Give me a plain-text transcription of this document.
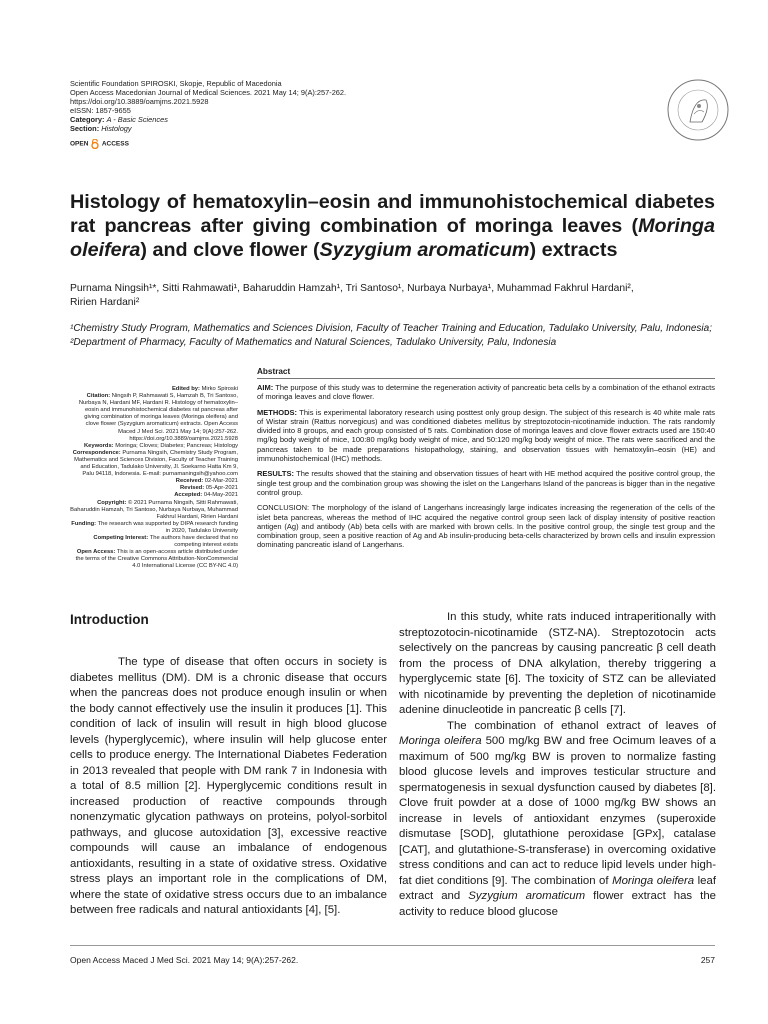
Scientific Foundation SPIROSKI, Skopje, Republic of Macedonia
Open Access Macedonian Journal of Medical Sciences. 2021 May 14; 9(A):257-262.
https://doi.org/10.3889/oamjms.2021.5928
eISSN: 1857-9655
Category: A - Basic Sciences
Section: Histology
OPEN ACCESS
Histology of hematoxylin–eosin and immunohistochemical diabetes rat pancreas after giving combination of moringa leaves (Moringa oleifera) and clove flower (Syzygium aromaticum) extracts
Purnama Ningsih¹*, Sitti Rahmawati¹, Baharuddin Hamzah¹, Tri Santoso¹, Nurbaya Nurbaya¹, Muhammad Fakhrul Hardani²,
Ririen Hardani²
¹Chemistry Study Program, Mathematics and Sciences Division, Faculty of Teacher Training and Education, Tadulako University, Palu, Indonesia; ²Department of Pharmacy, Faculty of Mathematics and Natural Sciences, Tadulako University, Palu, Indonesia
Abstract
Edited by: Mirko Spiroski
Citation: Ningsih P, Rahmawati S, Hamzah B, Tri Santoso, Nurbaya N, Hardani MF, Hardani R. Histology of hematoxylin–eosin and immunohistochemical diabetes rat pancreas after giving combination of moringa leaves (Moringa oleifera) and clove flower (Syzygium aromaticum) extracts. Open Access Maced J Med Sci. 2021 May 14; 9(A):257-262. https://doi.org/10.3889/oamjms.2021.5928
Keywords: Moringa; Cloves; Diabetes; Pancreas; Histology
Correspondence: Purnama Ningsih, Chemistry Study Program, Mathematics and Sciences Division, Faculty of Teacher Training and Education, Tadulako University, Jl. Soekarno Hatta Km 9, Palu 94118, Indonesia. E-mail: purnamaningsih@yahoo.com
Received: 02-Mar-2021
Revised: 05-Apr-2021
Accepted: 04-May-2021
Copyright: © 2021 Purnama Ningsih, Sitti Rahmawati, Baharuddin Hamzah, Tri Santoso, Nurbaya Nurbaya, Muhammad Fakhrul Hardani, Ririen Hardani
Funding: The research was supported by DIPA research funding in 2020, Tadulako University
Competing Interest: The authors have declared that no competing interest exists
Open Access: This is an open-access article distributed under the terms of the Creative Commons Attribution-NonCommercial 4.0 International License (CC BY-NC 4.0)

AIM: The purpose of this study was to determine the regeneration activity of pancreatic beta cells by a combination of the ethanol extracts of moringa leaves and clove flower.

METHODS: This is experimental laboratory research using posttest only group design. The subject of this research is 40 white male rats of Wistar strain (Rattus norvegicus) and was conditioned diabetes mellitus by streptozotocin-nicotinamide induction. The rats randomly divided into 8 groups, and each group consisted of 5 rats. Combination dose of moringa leaves and clove flower extracts used are 150:40 mg/kg body weight of mice, 100:80 mg/kg body weight of mice, and 50:120 mg/kg body weight of mice. The rats were sacrificed and the pancreas taken to be made preparations histopathology, staining, and observation tissues with hematoxylin–eosin (HE) and immunohistochemical (IHC) methods.

RESULTS: The results showed that the staining and observation tissues of heart with HE method acquired the positive control group, the single test group and the combination group was showing the islet on the Langerhans Island of the pancreas is bigger than in the negative control group.

CONCLUSION: The morphology of the island of Langerhans increasingly large indicates increasing the regeneration of the cells of the islet beta pancreas, whereas the method of IHC acquired the negative control group seen lack of display intensity of positive reaction antigen (Ag) and antibody (Ab) beta cells with are marked with brown cells. In the positive control group, the single test group and the combination group, seen a positive reaction of Ag and Ab insulin-producing beta-cells characterized by brown cells and insulin expression dominating pancreatic island of Langerhans.

Introduction

The type of disease that often occurs in society is diabetes mellitus (DM). DM is a chronic disease that occurs when the pancreas does not produce enough insulin or when the body cannot effectively use the insulin it produces [1]. This condition of lack of insulin will result in high blood glucose levels (hyperglycemic), where insulin will help glucose enter cells to produce energy. The International Diabetes Federation in 2013 revealed that people with DM rank 7 in Indonesia with a total of 8.5 million [2]. Hyperglycemic conditions result in increased production of reactive compounds through nonenzymatic glycation pathways on proteins, polyol-sorbitol pathways, and glucose autoxidation [3], excessive reactive compounds will cause an imbalance of endogenous antioxidants, resulting in a state of oxidative stress. Oxidative stress plays an important role in the complications of DM, where the state of oxidative stress occurs due to an imbalance between free radicals and natural antioxidants [4], [5].

In this study, white rats induced intraperitionally with streptozotocin-nicotinamide (STZ-NA). Streptozotocin acts selectively on the pancreas by causing pancreatic β cell death from the process of DNA alkylation, thereby triggering a hyperglycemic state [6]. The toxicity of STZ can be alleviated with nicotinamide by preventing the depletion of nicotinamide adenine dinucleotide in pancreatic β cells [7].

The combination of ethanol extract of leaves of Moringa oleifera 500 mg/kg BW and free Ocimum leaves of a maximum of 500 mg/kg BW is proven to normalize fasting blood glucose levels and improves testicular structure and spermatogenesis in sexual dysfunction caused by diabetes [8]. Clove fruit powder at a dose of 1000 mg/kg BW shows an increase in levels of antioxidant enzymes (superoxide dismutase [SOD], glutathione peroxidase [GPx], catalase [CAT], and glutathione-S-transferase) in overcoming oxidative stress conditions and can act to reduce lipid levels under high-fat diet conditions [9]. The combination of Moringa oleifera leaf extract and Syzygium aromaticum flower extract has the activity to reduce blood glucose

Open Access Maced J Med Sci. 2021 May 14; 9(A):257-262.	257
